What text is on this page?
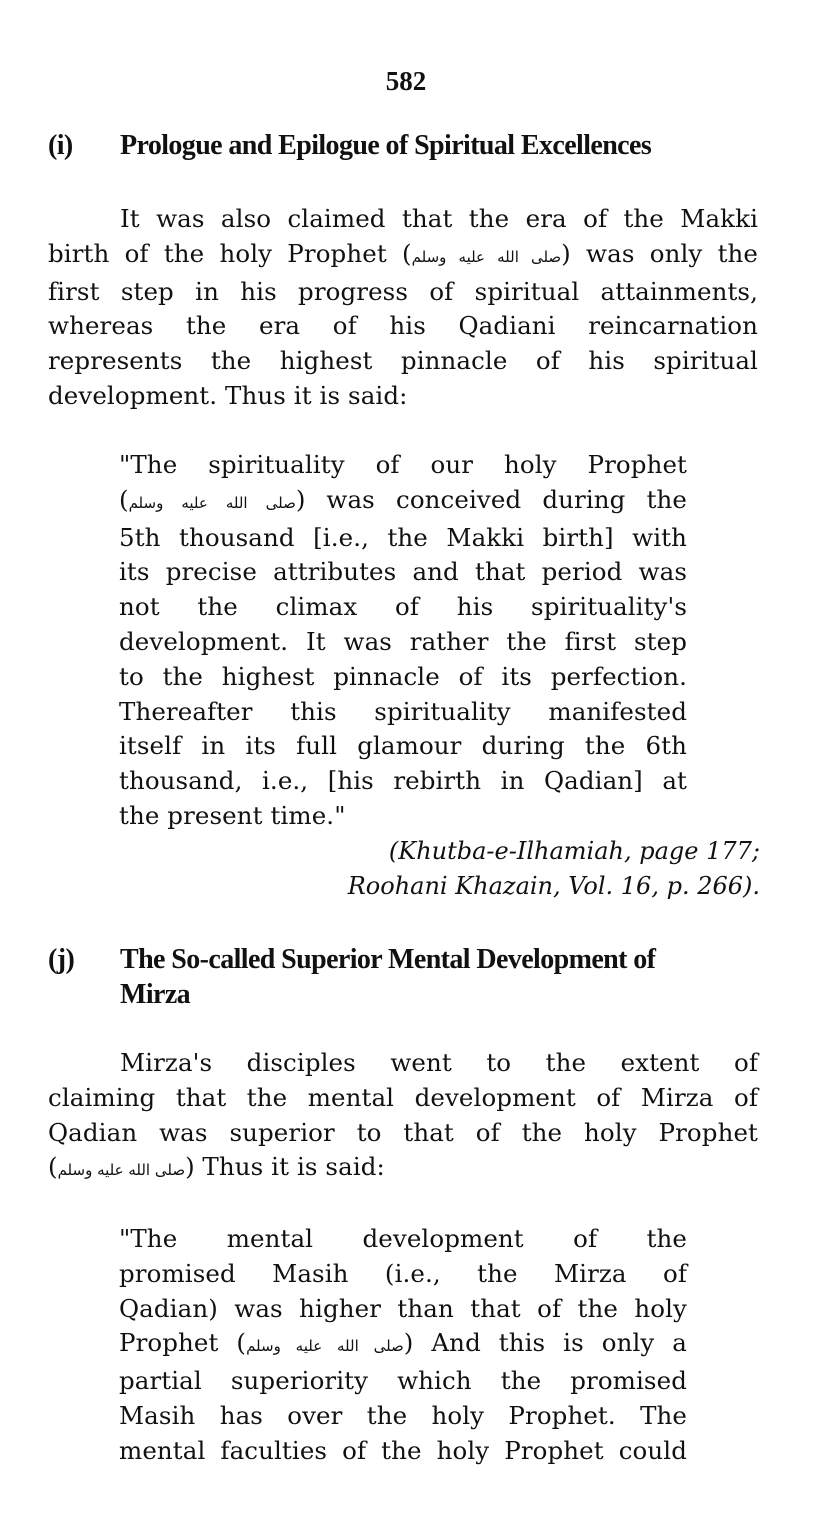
582
(i) Prologue and Epilogue of Spiritual Excellences
It was also claimed that the era of the Makki
birth of the holy Prophet (صلى الله عليه وسلم) was only the
first step in his progress of spiritual attainments,
whereas the era of his Qadiani reincarnation
represents the highest pinnacle of his spiritual
development. Thus it is said:
"The spirituality of our holy Prophet
(صلى الله عليه وسلم) was conceived during the
5th thousand [i.e., the Makki birth] with
its precise attributes and that period was
not the climax of his spirituality's
development. It was rather the first step
to the highest pinnacle of its perfection.
Thereafter this spirituality manifested
itself in its full glamour during the 6th
thousand, i.e., [his rebirth in Qadian] at
the present time."
(Khutba-e-Ilhamiah, page 177;
Roohani Khazain, Vol. 16, p. 266).
(j) The So-called Superior Mental Development of
Mirza
Mirza's disciples went to the extent of
claiming that the mental development of Mirza of
Qadian was superior to that of the holy Prophet
(صلى الله عليه وسلم) Thus it is said:
"The mental development of the
promised Masih (i.e., the Mirza of
Qadian) was higher than that of the holy
Prophet (صلى الله عليه وسلم) And this is only a
partial superiority which the promised
Masih has over the holy Prophet. The
mental faculties of the holy Prophet could
